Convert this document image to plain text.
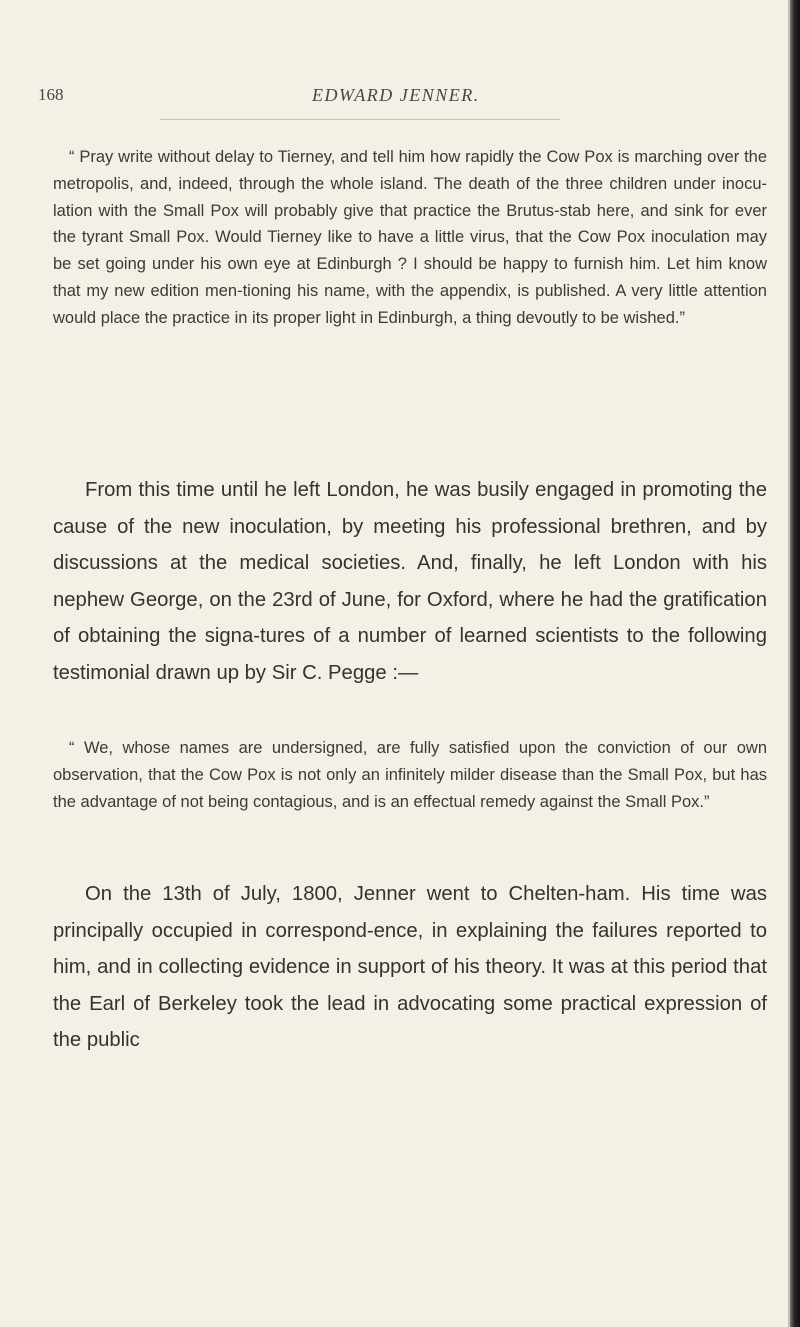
168	EDWARD JENNER.

“ Pray write without delay to Tierney, and tell him how rapidly the Cow Pox is marching over the metropolis, and, indeed, through the whole island. The death of the three children under inocu-lation with the Small Pox will probably give that practice the Brutus-stab here, and sink for ever the tyrant Small Pox. Would Tierney like to have a little virus, that the Cow Pox inoculation may be set going under his own eye at Edinburgh ? I should be happy to furnish him. Let him know that my new edition men-tioning his name, with the appendix, is published. A very little attention would place the practice in its proper light in Edinburgh, a thing devoutly to be wished.”

From this time until he left London, he was busily engaged in promoting the cause of the new inoculation, by meeting his professional brethren, and by discussions at the medical societies. And, finally, he left London with his nephew George, on the 23rd of June, for Oxford, where he had the gratification of obtaining the signa-tures of a number of learned scientists to the following testimonial drawn up by Sir C. Pegge :—

“ We, whose names are undersigned, are fully satisfied upon the conviction of our own observation, that the Cow Pox is not only an infinitely milder disease than the Small Pox, but has the advantage of not being contagious, and is an effectual remedy against the Small Pox.”

On the 13th of July, 1800, Jenner went to Chelten-ham. His time was principally occupied in correspond-ence, in explaining the failures reported to him, and in collecting evidence in support of his theory. It was at this period that the Earl of Berkeley took the lead in advocating some practical expression of the public
